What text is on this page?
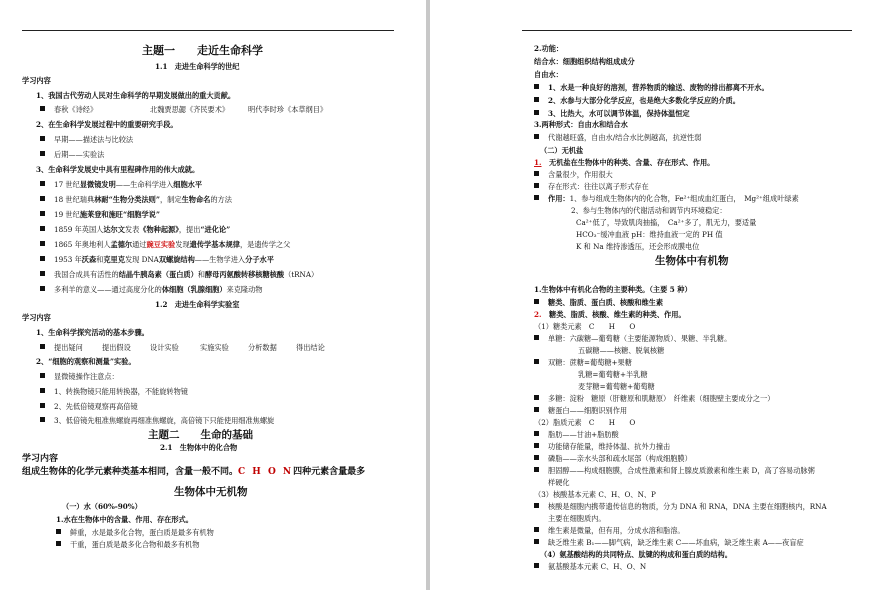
主题一　　走近生命科学
1.1　走进生命科学的世纪
学习内容
1、我国古代劳动人民对生命科学的早期发展做出的重大贡献。
春秋《诗经》	北魏贾思勰《齐民要术》	明代李时珍《本草纲目》
2、在生命科学发展过程中的重要研究手段。
早期——描述法与比较法
后期——实验法
3、生命科学发展史中具有里程碑作用的伟大成就。
17 世纪显微镜发明——生命科学进入细胞水平
18 世纪瑞典林耐“生物分类法则”，制定生物命名的方法
19 世纪施莱登和施旺“细胞学说”
1859 年英国人达尔文发表《物种起源》，提出“进化论”
1865 年奥地利人孟德尔通过豌豆实验发现遗传学基本规律，是遗传学之父
1953 年沃森和克里克发现 DNA双螺旋结构——生物学进入分子水平
我国合成具有活性的结晶牛胰岛素（蛋白质）和酵母丙氨酸转移核糖核酸（tRNA）
多利羊的意义——通过高度分化的体细胞（乳腺细胞）来克隆动物
1.2　走进生命科学实验室
学习内容
1、生命科学探究活动的基本步骤。
提出疑问	提出假设	设计实验	实施实验	分析数据	得出结论
2、“细胞的观察和测量”实验。
显微镜操作注意点：
1、转换物镜只能用转换器，不能旋转物镜
2、先低倍镜观察再高倍镜
3、低倍镜先粗准焦螺旋再细准焦螺旋，高倍镜下只能使用细准焦螺旋
主题二　　生命的基础
2.1　生物体中的化合物
学习内容
组成生物体的化学元素种类基本相同，含量一般不同。C H O N四种元素含量最多
生物体中无机物
（一）水（60%-90%）
1.水在生物体中的含量、作用、存在形式。
鲜重，水是最多化合物，蛋白质是最多有机物
干重，蛋白质是最多化合物和最多有机物
2.功能：
结合水：细胞组织结构组成成分
自由水：
1、水是一种良好的溶剂，营养物质的输送、废物的排出都离不开水。
2、水参与大部分化学反应，也是绝大多数化学反应的介质。
3、比热大，水可以调节体温，保持体温恒定
3.两种形式：自由水和结合水
代谢越旺盛，自由水/结合水比例越高，抗逆性弱
（二）无机盐
1. 无机盐在生物体中的种类、含量、存在形式、作用。
含量很少，作用很大
存在形式：往往以离子形式存在
作用：1、参与组成生物体内的化合物，Fe²⁺组成血红蛋白，　Mg²⁺组成叶绿素
2、参与生物体内的代谢活动和调节内环境稳定：
Ca²⁺低了，导致肌肉抽搐，　Ca²⁺多了，肌无力，要适量
HCO₃⁻缓冲血液 pH：维持血液一定的 PH 值
K 和 Na 维持渗透压，还会形成膜电位
生物体中有机物
1.生物体中有机化合物的主要种类。（主要 5 种）
糖类、脂质、蛋白质、核酸和维生素
2. 糖类、脂质、核酸、维生素的种类、作用。
（1）糖类元素　C　　H　　O
单糖：六碳糖—葡萄糖（主要能源物质）、果糖、半乳糖。
五碳糖——核糖、脱氧核糖
双糖：蔗糖=葡萄糖+果糖
乳糖=葡萄糖+半乳糖
麦芽糖=葡萄糖+葡萄糖
多糖：淀粉　糖原（肝糖原和肌糖原）　纤维素（细胞壁主要成分之一）
糖蛋白——细胞识别作用
（2）脂质元素　C　　H　　O
脂肪——甘油+脂肪酸
功能储存能量，维持体温、抗外力撞击
磷脂——亲水头部和疏水尾部（构成细胞膜）
胆固醇——构成细胞膜，合成性激素和肾上腺皮质激素和维生素 D，高了容易动脉粥
样硬化
（3）核酸基本元素 C、H、O、N、P
核酸是细胞内携带遗传信息的物质，分为 DNA 和 RNA，DNA 主要在细胞核内，RNA
主要在细胞质内。
维生素是微量，但有用，分成水溶和脂溶。
缺乏维生素 B₁——脚气病，缺乏维生素 C——坏血病，缺乏维生素 A——夜盲症
（4）氨基酸结构的共同特点、肽键的构成和蛋白质的结构。
氨基酸基本元素 C、H、O、N
